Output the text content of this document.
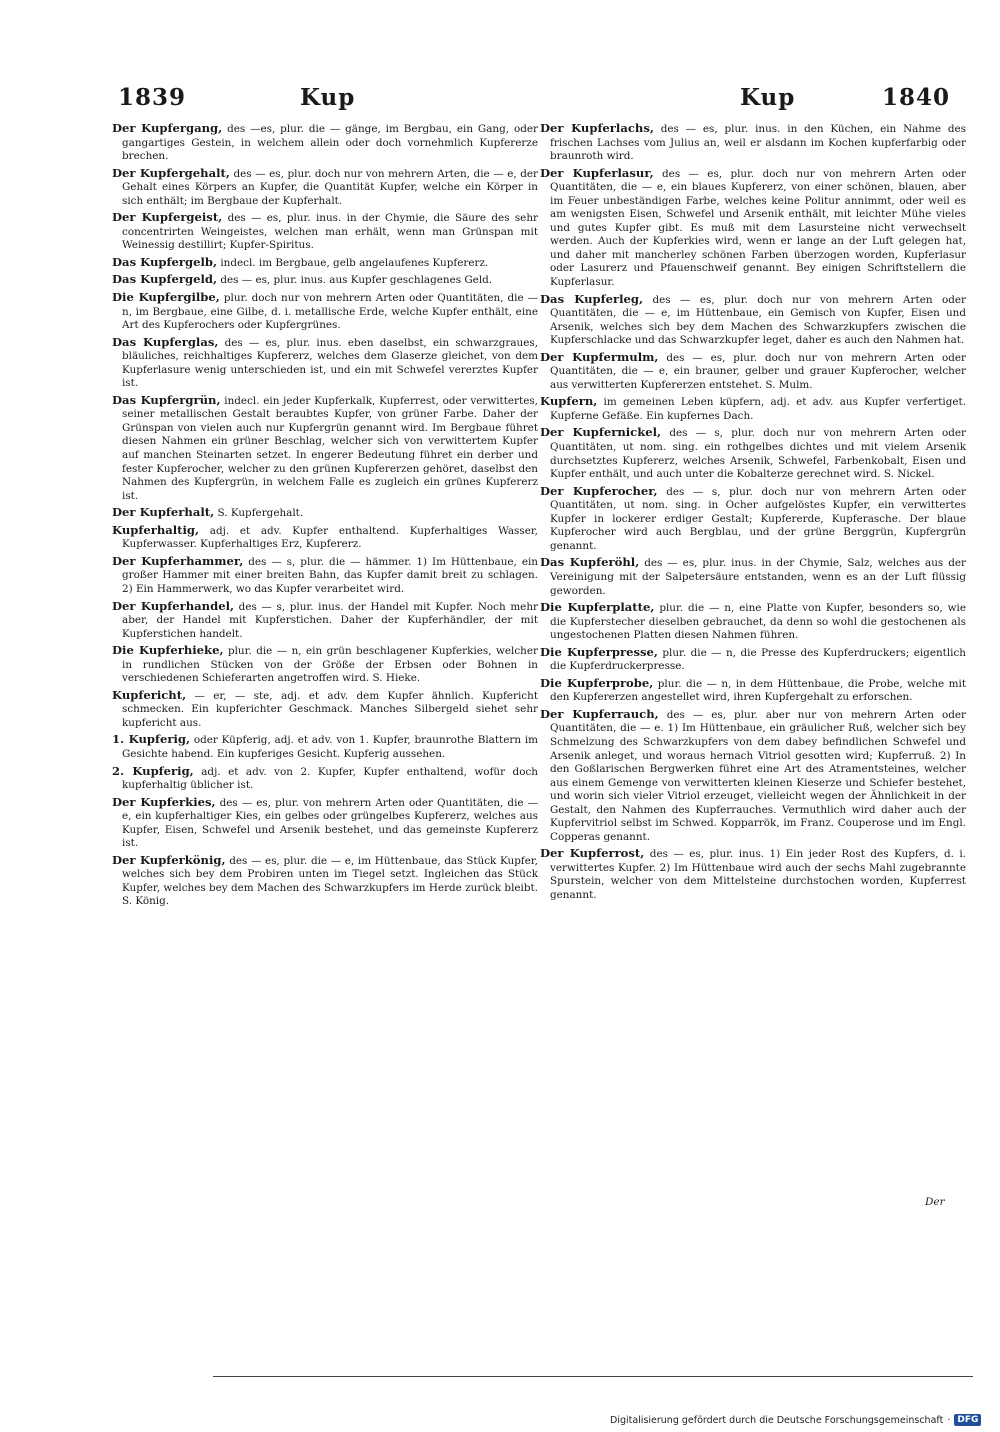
1839	Kup	Kup	1840

Der Kupfergang, des —es, plur. die — gänge, im Bergbau, ein Gang, oder gangartiges Gestein, in welchem allein oder doch vornehmlich Kupfererze brechen.

Der Kupfergehalt, des — es, plur. doch nur von mehrern Arten, die — e, der Gehalt eines Körpers an Kupfer, die Quantität Kupfer, welche ein Körper in sich enthält; im Bergbaue der Kupferhalt.

Der Kupfergeist, des — es, plur. inus. in der Chymie, die Säure des sehr concentrirten Weingeistes, welchen man erhält, wenn man Grünspan mit Weinessig destillirt; Kupfer-Spiritus.

Das Kupfergelb, indecl. im Bergbaue, gelb angelaufenes Kupfererz.

Das Kupfergeld, des — es, plur. inus. aus Kupfer geschlagenes Geld.

Die Kupfergilbe, plur. doch nur von mehrern Arten oder Quantitäten, die — n, im Bergbaue, eine Gilbe, d. i. metallische Erde, welche Kupfer enthält, eine Art des Kupferochers oder Kupfergrünes.

Das Kupferglas, des — es, plur. inus. eben daselbst, ein schwarzgraues, bläuliches, reichhaltiges Kupfererz, welches dem Glaserze gleichet, von dem Kupferlasure wenig unterschieden ist, und ein mit Schwefel vererztes Kupfer ist.

Das Kupfergrün, indecl. ein jeder Kupferkalk, Kupferrest, oder verwittertes, seiner metallischen Gestalt beraubtes Kupfer, von grüner Farbe. Daher der Grünspan von vielen auch nur Kupfergrün genannt wird. Im Bergbaue führet diesen Nahmen ein grüner Beschlag, welcher sich von verwittertem Kupfer auf manchen Steinarten setzet. In engerer Bedeutung führet ein derber und fester Kupferocher, welcher zu den grünen Kupfererzen gehöret, daselbst den Nahmen des Kupfergrün, in welchem Falle es zugleich ein grünes Kupfererz ist.

Der Kupferhalt, S. Kupfergehalt.

Kupferhaltig, adj. et adv. Kupfer enthaltend. Kupferhaltiges Wasser, Kupferwasser. Kupferhaltiges Erz, Kupfererz.

Der Kupferhammer, des — s, plur. die — hämmer. 1) Im Hüttenbaue, ein großer Hammer mit einer breiten Bahn, das Kupfer damit breit zu schlagen. 2) Ein Hammerwerk, wo das Kupfer verarbeitet wird.

Der Kupferhandel, des — s, plur. inus. der Handel mit Kupfer. Noch mehr aber, der Handel mit Kupferstichen. Daher der Kupferhändler, der mit Kupferstichen handelt.

Die Kupferhieke, plur. die — n, ein grün beschlagener Kupferkies, welcher in rundlichen Stücken von der Größe der Erbsen oder Bohnen in verschiedenen Schieferarten angetroffen wird. S. Hieke.

Kupfericht, — er, — ste, adj. et adv. dem Kupfer ähnlich. Kupfericht schmecken. Ein kupferichter Geschmack. Manches Silbergeld siehet sehr kupfericht aus.

1. Kupferig, oder Küpferig, adj. et adv. von 1. Kupfer, braunrothe Blattern im Gesichte habend. Ein kupferiges Gesicht. Kupferig aussehen.

2. Kupferig, adj. et adv. von 2. Kupfer, Kupfer enthaltend, wofür doch kupferhaltig üblicher ist.

Der Kupferkies, des — es, plur. von mehrern Arten oder Quantitäten, die — e, ein kupferhaltiger Kies, ein gelbes oder grüngelbes Kupfererz, welches aus Kupfer, Eisen, Schwefel und Arsenik bestehet, und das gemeinste Kupfererz ist.

Der Kupferkönig, des — es, plur. die — e, im Hüttenbaue, das Stück Kupfer, welches sich bey dem Probiren unten im Tiegel setzt. Ingleichen das Stück Kupfer, welches bey dem Machen des Schwarzkupfers im Herde zurück bleibt. S. König.

Der Kupferlachs, des — es, plur. inus. in den Küchen, ein Nahme des frischen Lachses vom Julius an, weil er alsdann im Kochen kupferfarbig oder braunroth wird.

Der Kupferlasur, des — es, plur. doch nur von mehrern Arten oder Quantitäten, die — e, ein blaues Kupfererz, von einer schönen, blauen, aber im Feuer unbeständigen Farbe, welches keine Politur annimmt, oder weil es am wenigsten Eisen, Schwefel und Arsenik enthält, mit leichter Mühe vieles und gutes Kupfer gibt. Es muß mit dem Lasursteine nicht verwechselt werden. Auch der Kupferkies wird, wenn er lange an der Luft gelegen hat, und daher mit mancherley schönen Farben überzogen worden, Kupferlasur oder Lasurerz und Pfauenschweif genannt. Bey einigen Schriftstellern die Kupferlasur.

Das Kupferleg, des — es, plur. doch nur von mehrern Arten oder Quantitäten, die — e, im Hüttenbaue, ein Gemisch von Kupfer, Eisen und Arsenik, welches sich bey dem Machen des Schwarzkupfers zwischen die Kupferschlacke und das Schwarzkupfer leget, daher es auch den Nahmen hat.

Der Kupfermulm, des — es, plur. doch nur von mehrern Arten oder Quantitäten, die — e, ein brauner, gelber und grauer Kupferocher, welcher aus verwitterten Kupfererzen entstehet. S. Mulm.

Kupfern, im gemeinen Leben küpfern, adj. et adv. aus Kupfer verfertiget. Kupferne Gefäße. Ein kupfernes Dach.

Der Kupfernickel, des — s, plur. doch nur von mehrern Arten oder Quantitäten, ut nom. sing. ein rothgelbes dichtes und mit vielem Arsenik durchsetztes Kupfererz, welches Arsenik, Schwefel, Farbenkobalt, Eisen und Kupfer enthält, und auch unter die Kobalterze gerechnet wird. S. Nickel.

Der Kupferocher, des — s, plur. doch nur von mehrern Arten oder Quantitäten, ut nom. sing. in Ocher aufgelöstes Kupfer, ein verwittertes Kupfer in lockerer erdiger Gestalt; Kupfererde, Kupferasche. Der blaue Kupferocher wird auch Bergblau, und der grüne Berggrün, Kupfergrün genannt.

Das Kupferöhl, des — es, plur. inus. in der Chymie, Salz, welches aus der Vereinigung mit der Salpetersäure entstanden, wenn es an der Luft flüssig geworden.

Die Kupferplatte, plur. die — n, eine Platte von Kupfer, besonders so, wie die Kupferstecher dieselben gebrauchet, da denn so wohl die gestochenen als ungestochenen Platten diesen Nahmen führen.

Die Kupferpresse, plur. die — n, die Presse des Kupferdruckers; eigentlich die Kupferdruckerpresse.

Die Kupferprobe, plur. die — n, in dem Hüttenbaue, die Probe, welche mit den Kupfererzen angestellet wird, ihren Kupfergehalt zu erforschen.

Der Kupferrauch, des — es, plur. aber nur von mehrern Arten oder Quantitäten, die — e. 1) Im Hüttenbaue, ein gräulicher Ruß, welcher sich bey Schmelzung des Schwarzkupfers von dem dabey befindlichen Schwefel und Arsenik anleget, und woraus hernach Vitriol gesotten wird; Kupferruß. 2) In den Goßlarischen Bergwerken führet eine Art des Atramentsteines, welcher aus einem Gemenge von verwitterten kleinen Kieserze und Schiefer bestehet, und worin sich vieler Vitriol erzeuget, vielleicht wegen der Ähnlichkeit in der Gestalt, den Nahmen des Kupferrauches. Vermuthlich wird daher auch der Kupfervitriol selbst im Schwed. Kopparrök, im Franz. Couperose und im Engl. Copperas genannt.

Der Kupferrost, des — es, plur. inus. 1) Ein jeder Rost des Kupfers, d. i. verwittertes Kupfer. 2) Im Hüttenbaue wird auch der sechs Mahl zugebrannte Spurstein, welcher von dem Mittelsteine durchstochen worden, Kupferrest genannt.

Der
Digitalisierung gefördert durch die Deutsche Forschungsgemeinschaft · DFG
